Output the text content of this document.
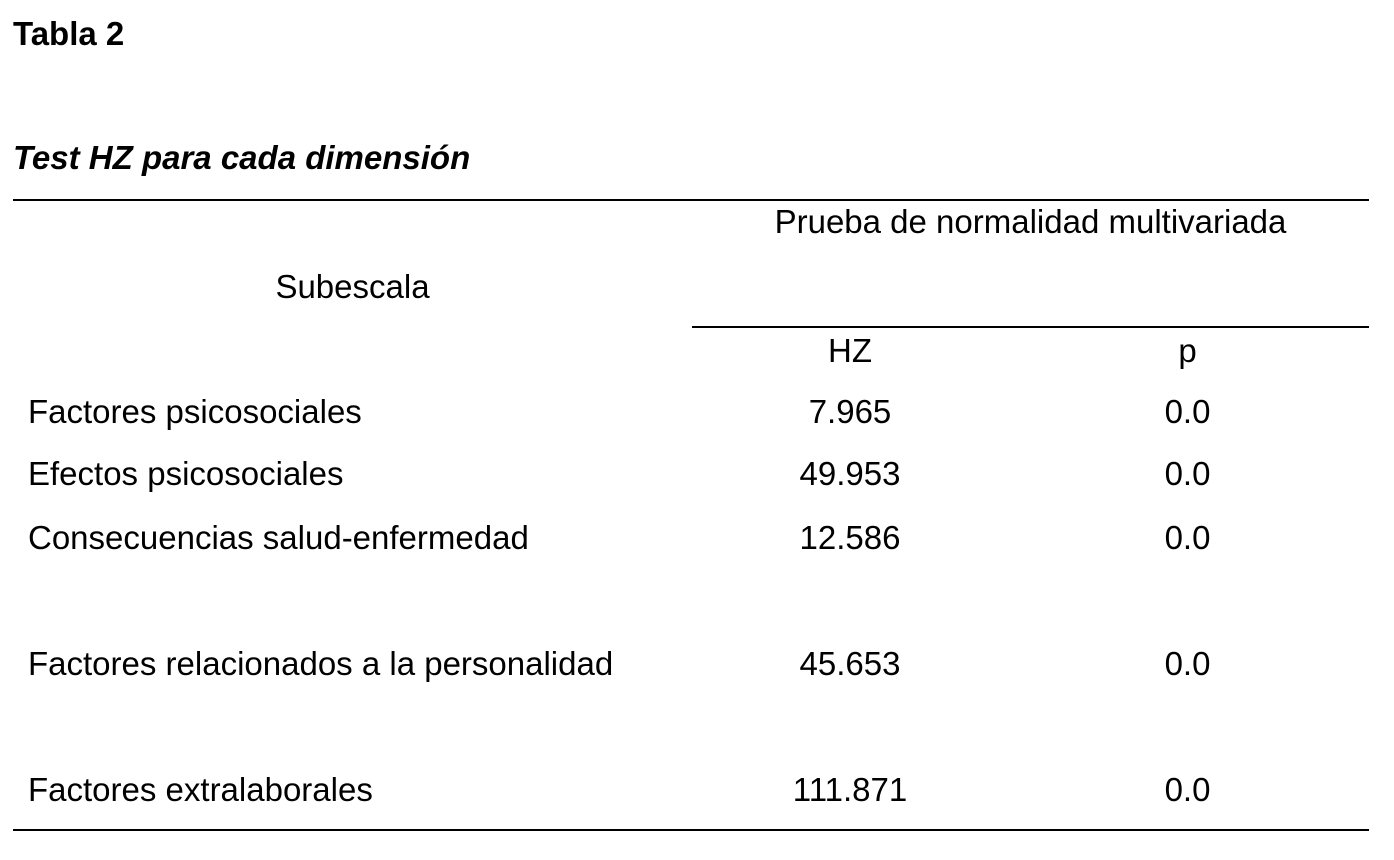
Tabla 2
Test HZ para cada dimensión
Prueba de normalidad multivariada
Subescala
HZ	p
Factores psicosociales	7.965	0.0
Efectos psicosociales	49.953	0.0
Consecuencias salud-enfermedad	12.586	0.0
Factores relacionados a la personalidad	45.653	0.0
Factores extralaborales	111.871	0.0
